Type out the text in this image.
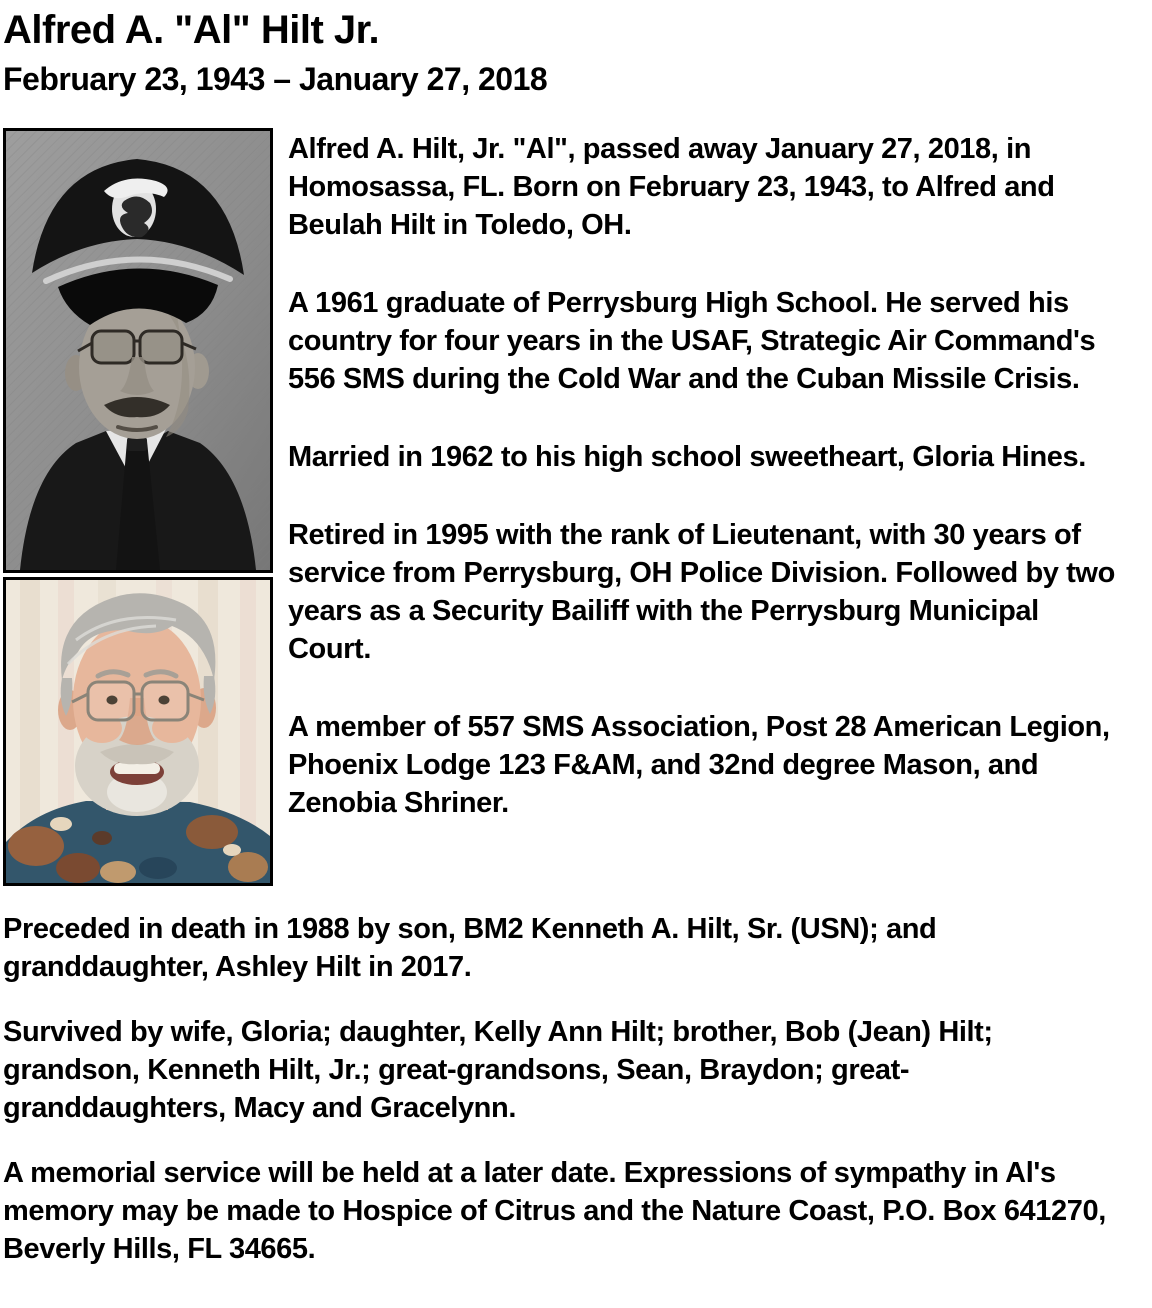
Alfred A. "Al" Hilt Jr.
February 23, 1943 – January 27, 2018

Alfred A. Hilt, Jr. "Al", passed away January 27, 2018, in Homosassa, FL. Born on February 23, 1943, to Alfred and Beulah Hilt in Toledo, OH.

A 1961 graduate of Perrysburg High School. He served his country for four years in the USAF, Strategic Air Command's 556 SMS during the Cold War and the Cuban Missile Crisis.

Married in 1962 to his high school sweetheart, Gloria Hines.

Retired in 1995 with the rank of Lieutenant, with 30 years of service from Perrysburg, OH Police Division. Followed by two years as a Security Bailiff with the Perrysburg Municipal Court.

A member of 557 SMS Association, Post 28 American Legion, Phoenix Lodge 123 F&AM, and 32nd degree Mason, and Zenobia Shriner.

Preceded in death in 1988 by son, BM2 Kenneth A. Hilt, Sr. (USN); and granddaughter, Ashley Hilt in 2017.

Survived by wife, Gloria; daughter, Kelly Ann Hilt; brother, Bob (Jean) Hilt; grandson, Kenneth Hilt, Jr.; great-grandsons, Sean, Braydon; great-granddaughters, Macy and Gracelynn.

A memorial service will be held at a later date. Expressions of sympathy in Al's memory may be made to Hospice of Citrus and the Nature Coast, P.O. Box 641270, Beverly Hills, FL 34665.
